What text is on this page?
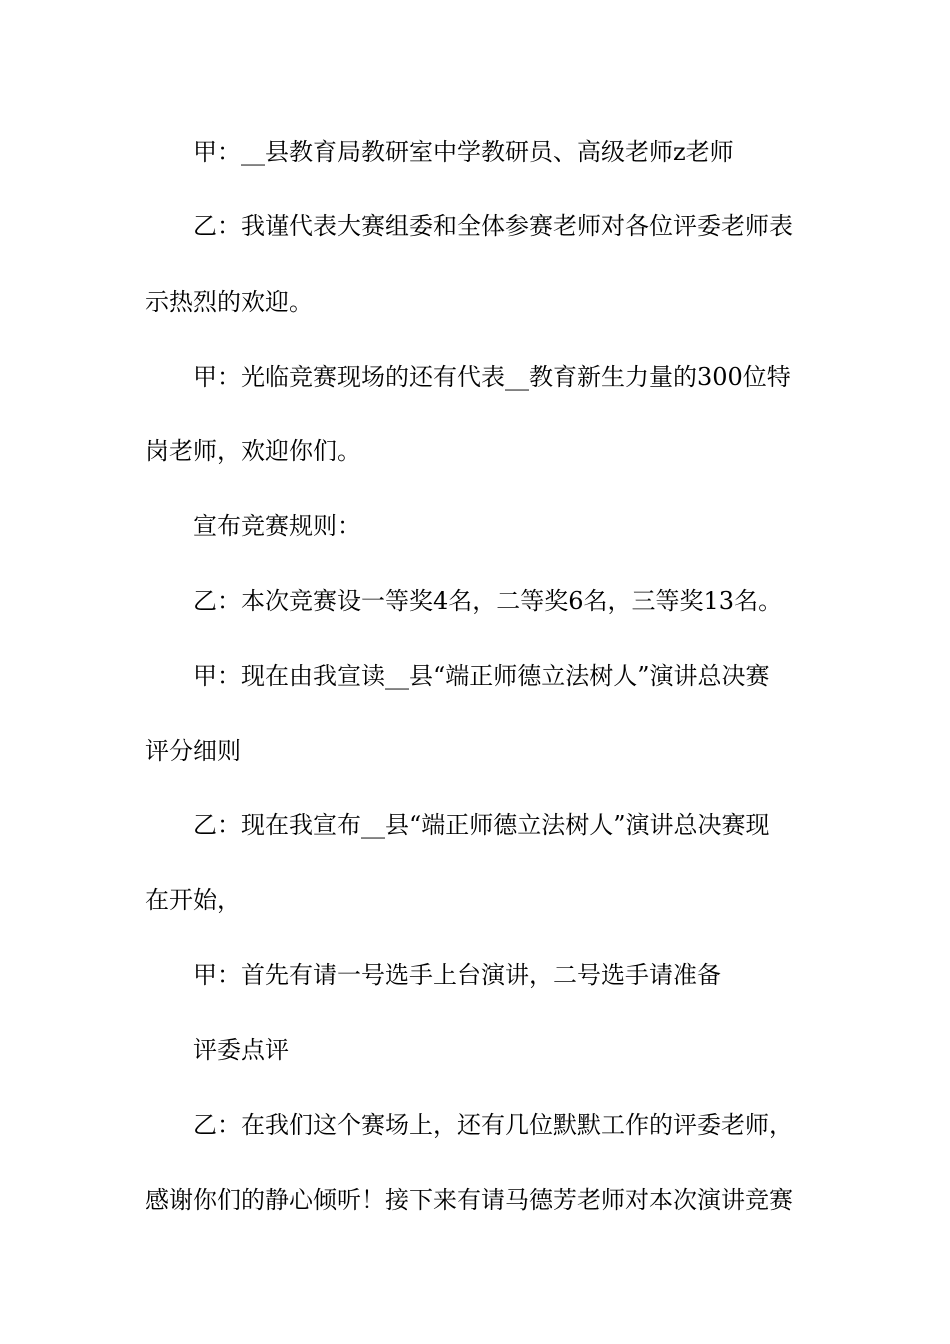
甲：__县教育局教研室中学教研员、高级老师z老师
乙：我谨代表大赛组委和全体参赛老师对各位评委老师表
示热烈的欢迎。
甲：光临竞赛现场的还有代表__教育新生力量的300位特
岗老师，欢迎你们。
宣布竞赛规则：
乙：本次竞赛设一等奖4名，二等奖6名，三等奖13名。
甲：现在由我宣读__县“端正师德立法树人”演讲总决赛
评分细则
乙：现在我宣布__县“端正师德立法树人”演讲总决赛现
在开始，
甲：首先有请一号选手上台演讲，二号选手请准备
评委点评
乙：在我们这个赛场上，还有几位默默工作的评委老师，
感谢你们的静心倾听！接下来有请马德芳老师对本次演讲竞赛
